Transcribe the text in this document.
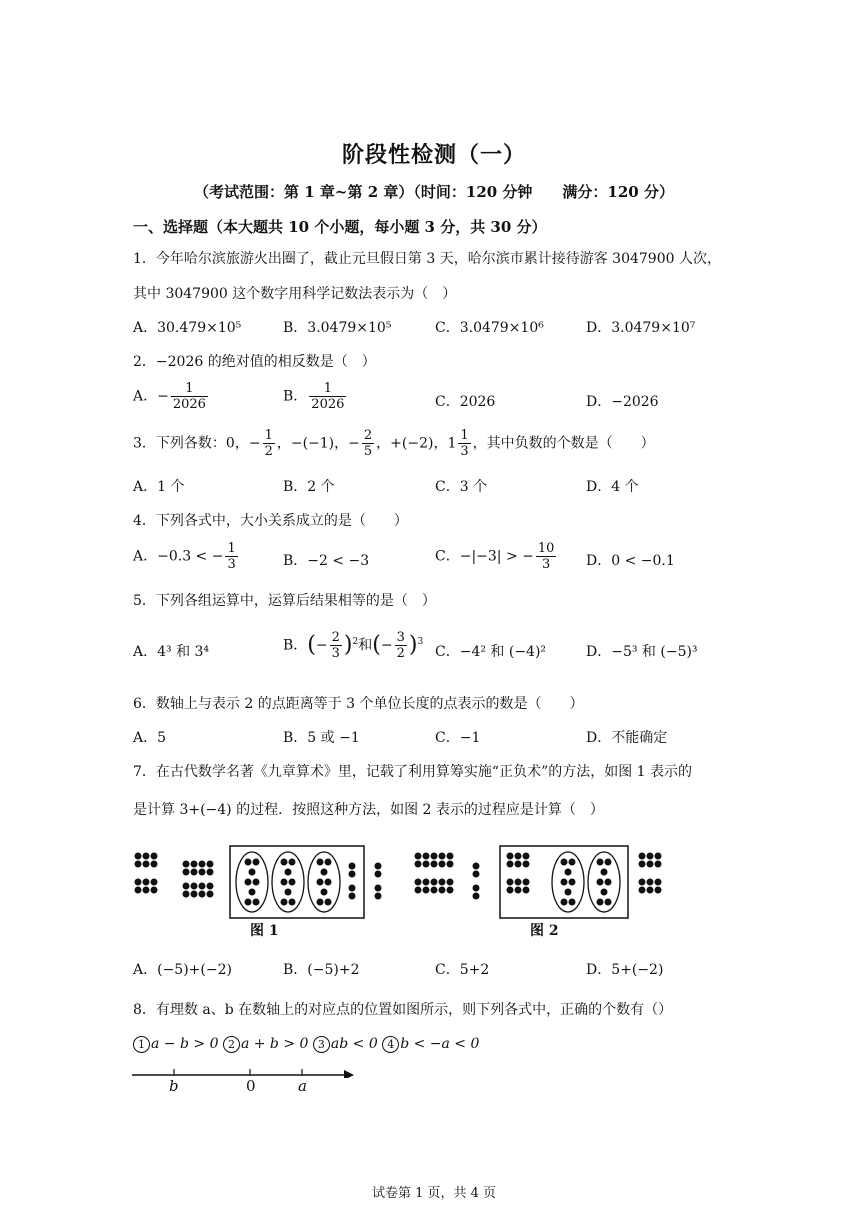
阶段性检测（一）
（考试范围：第 1 章~第 2 章）（时间：120 分钟　　满分：120 分）
一、选择题（本大题共 10 个小题，每小题 3 分，共 30 分）
1．今年哈尔滨旅游火出圈了，截止元旦假日第 3 天，哈尔滨市累计接待游客 3047900 人次，
其中 3047900 这个数字用科学记数法表示为（　）
A．30.479×10⁵	B．3.0479×10⁵	C．3.0479×10⁶	D．3.0479×10⁷
2．−2026 的绝对值的相反数是（　）
A．− $\frac{1}{2026}$	B． $\frac{1}{2026}$	C．2026	D．−2026
3．下列各数：0，− $\frac{1}{2}$ ，−(−1)，− $\frac{2}{5}$ ，+(−2)，$1 \frac{1}{3}$ ，其中负数的个数是（　　）
A．1 个	B．2 个	C．3 个	D．4 个
4．下列各式中，大小关系成立的是（　　）
A．−0.3 < − $\frac{1}{3}$	B．−2 < −3	C．−|−3| > − $\frac{10}{3}$ D．0 < −0.1
5．下列各组运算中，运算后结果相等的是（　）
A．4³ 和 3⁴	B．(− $\frac{2}{3} )^2$和(− $\frac{3}{2} )^3$
C．−4² 和 (−4)²	D．−5³ 和 (−5)³
6．数轴上与表示 2 的点距离等于 3 个单位长度的点表示的数是（　　）
A．5	B．5 或 −1	C．−1	D．不能确定
7．在古代数学名著《九章算术》里，记载了利用算筹实施“正负术”的方法，如图 1 表示的
是计算 3+(−4) 的过程．按照这种方法，如图 2 表示的过程应是计算（　）
图 1	图 2
A．(−5)+(−2)	B．(−5)+2	C．5+2	D．5+(−2)
8．有理数 a、b 在数轴上的对应点的位置如图所示，则下列各式中，正确的个数有（）
1 a − b > 0 2 a + b > 0 3 ab < 0 4 b < −a < 0
b	0	a
试卷第 1 页，共 4 页
